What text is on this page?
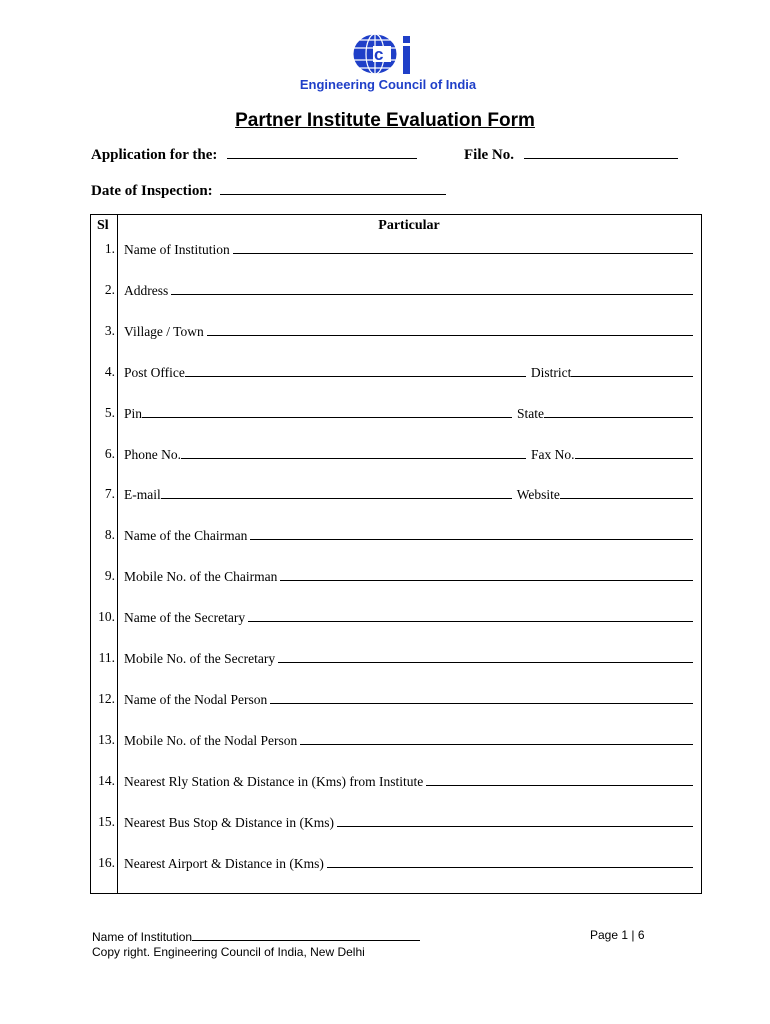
c
Engineering Council of India
Partner Institute Evaluation Form
Application for the:	File No.
Date of Inspection:
Sl	Particular
1. Name of Institution
2. Address
3. Village / Town
4. Post Office	District
5. Pin	State
6. Phone No.	Fax No.
7. E-mail	Website
8. Name of the Chairman
9. Mobile No. of the Chairman
10. Name of the Secretary
11. Mobile No. of the Secretary
12. Name of the Nodal Person
13. Mobile No. of the Nodal Person
14. Nearest Rly Station & Distance in (Kms) from Institute
15. Nearest Bus Stop & Distance in (Kms)
16. Nearest Airport & Distance in (Kms)
Name of Institution
Copy right. Engineering Council of India, New Delhi
Page 1 | 6
